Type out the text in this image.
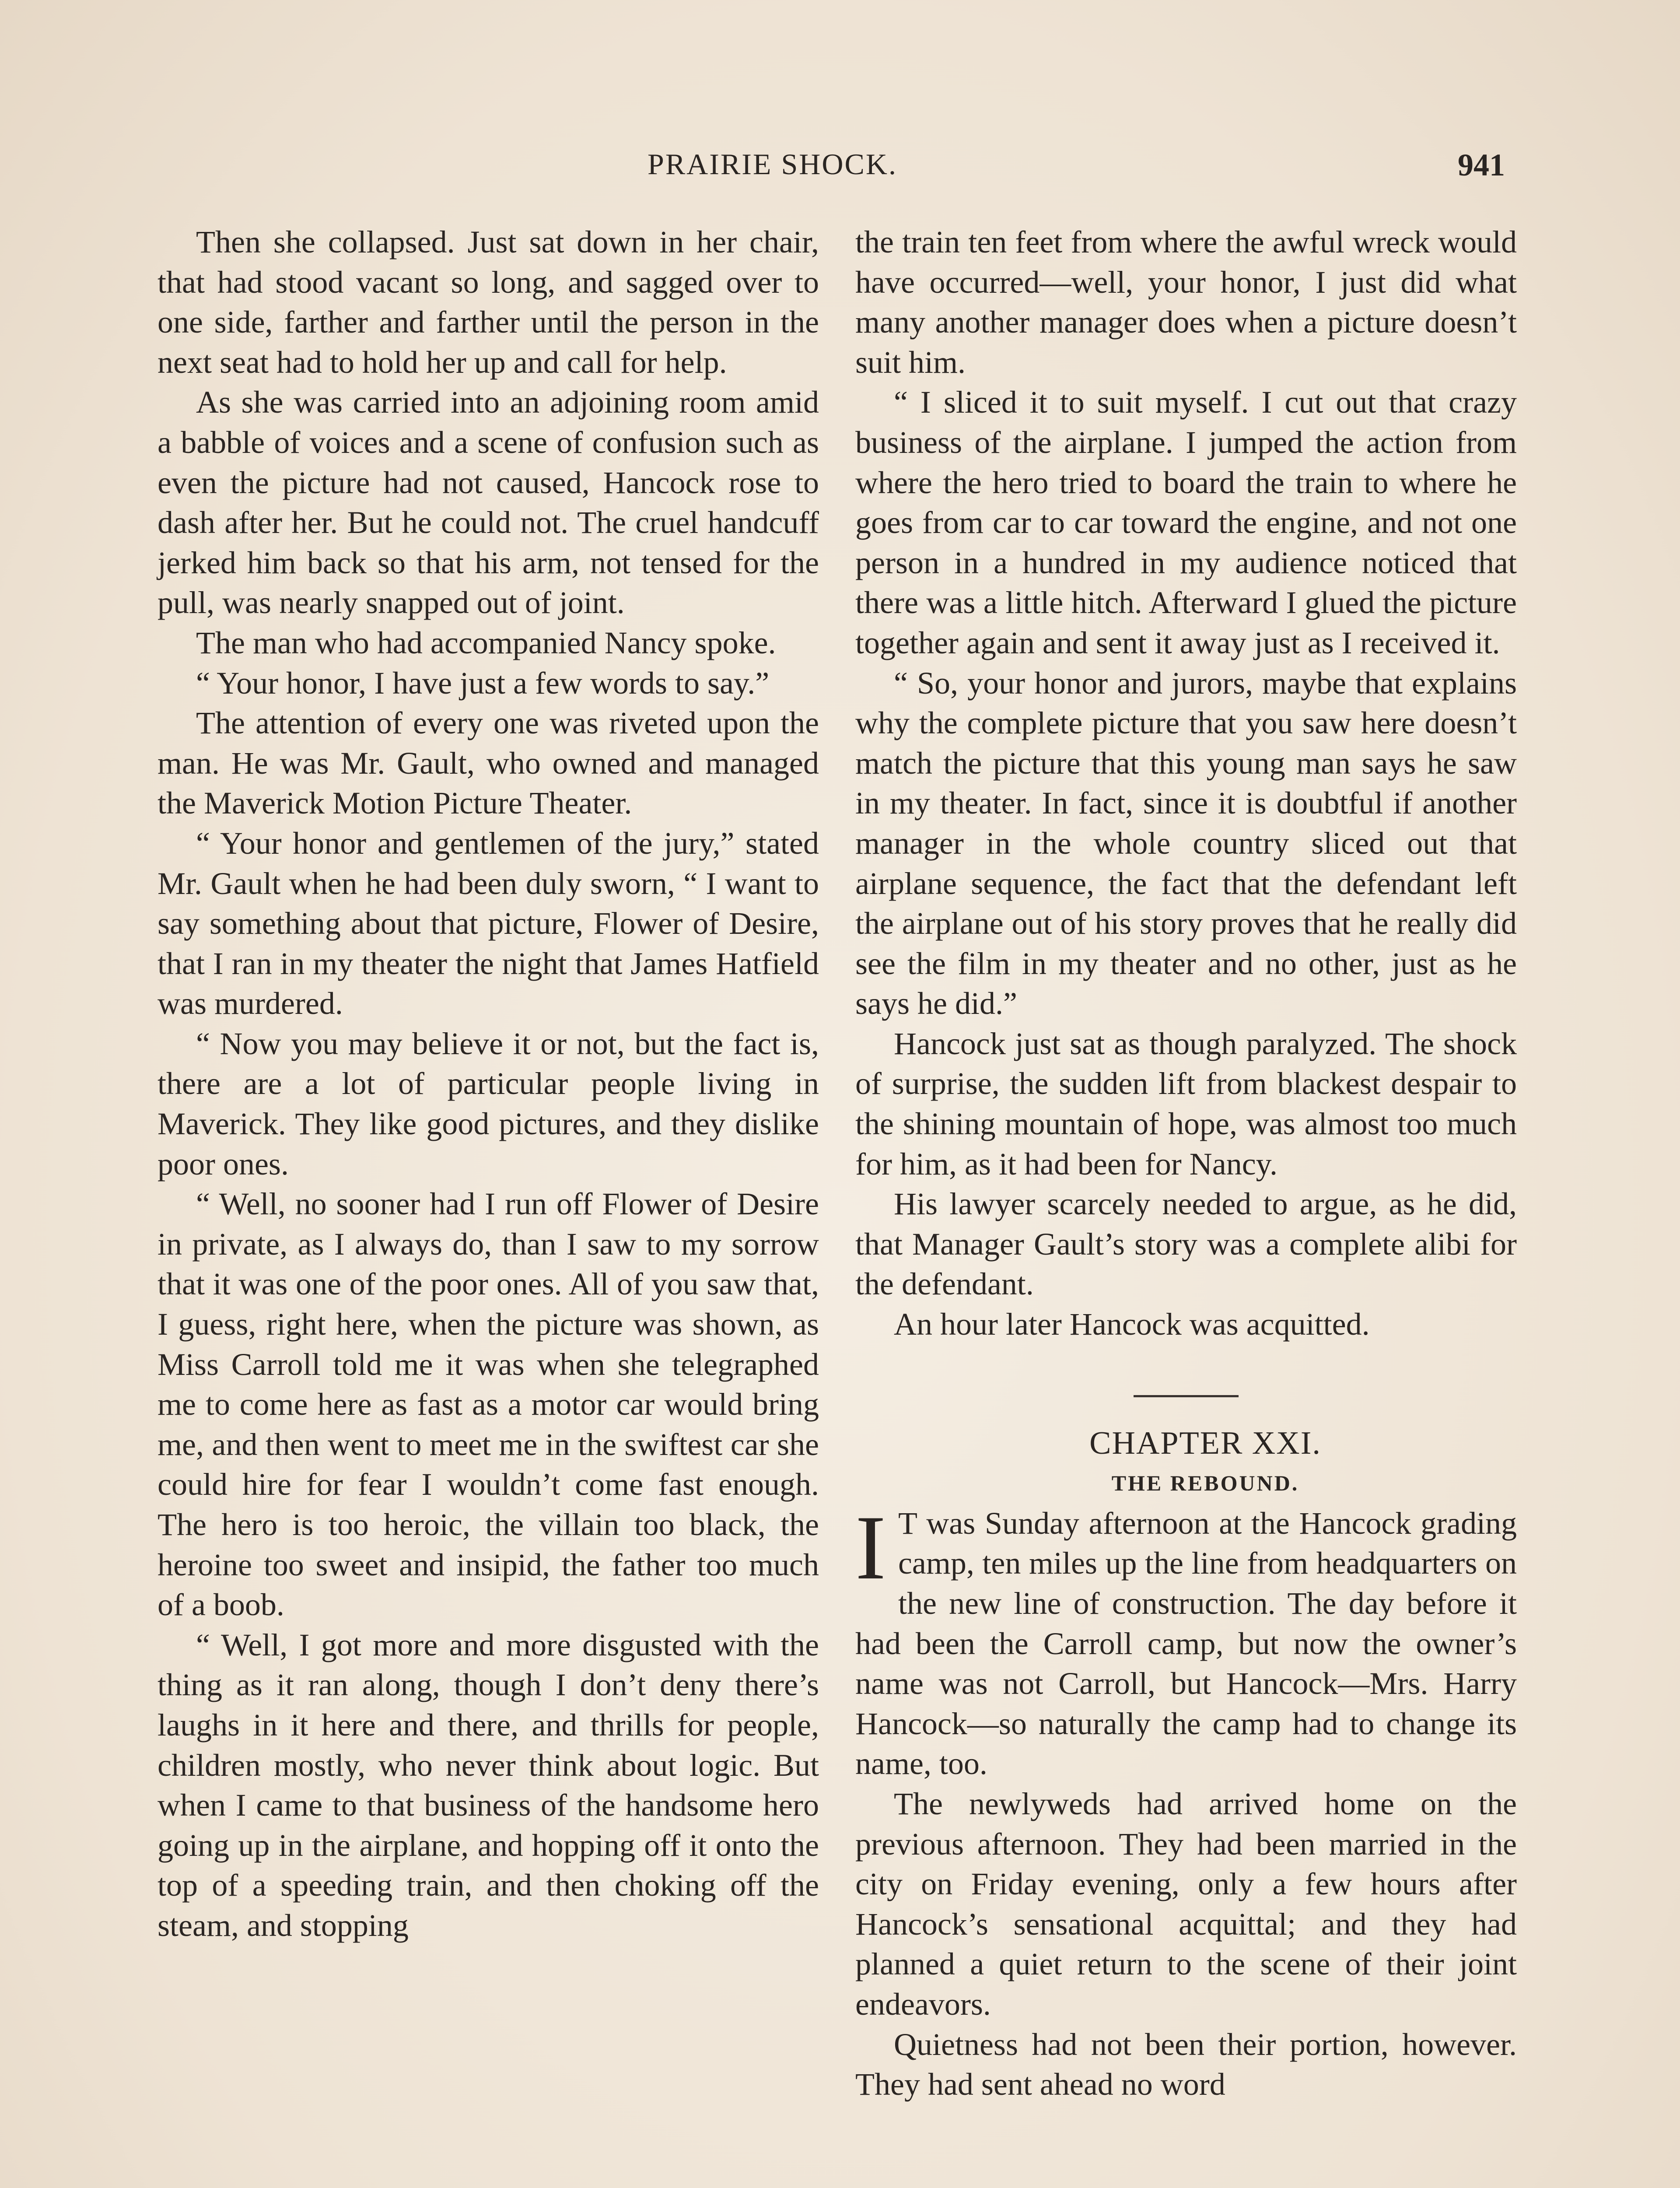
PRAIRIE SHOCK.	941

Then she collapsed. Just sat down in her chair, that had stood vacant so long, and sagged over to one side, farther and farther until the person in the next seat had to hold her up and call for help.

As she was carried into an adjoining room amid a babble of voices and a scene of confusion such as even the picture had not caused, Hancock rose to dash after her. But he could not. The cruel handcuff jerked him back so that his arm, not tensed for the pull, was nearly snapped out of joint.

The man who had accompanied Nancy spoke.

“ Your honor, I have just a few words to say.”

The attention of every one was riveted upon the man. He was Mr. Gault, who owned and managed the Maverick Motion Picture Theater.

“ Your honor and gentlemen of the jury,” stated Mr. Gault when he had been duly sworn, “ I want to say something about that picture, Flower of Desire, that I ran in my theater the night that James Hatfield was murdered.

“ Now you may believe it or not, but the fact is, there are a lot of particular people living in Maverick. They like good pictures, and they dislike poor ones.

“ Well, no sooner had I run off Flower of Desire in private, as I always do, than I saw to my sorrow that it was one of the poor ones. All of you saw that, I guess, right here, when the picture was shown, as Miss Carroll told me it was when she telegraphed me to come here as fast as a motor car would bring me, and then went to meet me in the swiftest car she could hire for fear I wouldn’t come fast enough. The hero is too heroic, the villain too black, the heroine too sweet and insipid, the father too much of a boob.

“ Well, I got more and more disgusted with the thing as it ran along, though I don’t deny there’s laughs in it here and there, and thrills for people, children mostly, who never think about logic. But when I came to that business of the handsome hero going up in the airplane, and hopping off it onto the top of a speeding train, and then choking off the steam, and stopping

the train ten feet from where the awful wreck would have occurred—well, your honor, I just did what many another manager does when a picture doesn’t suit him.

“ I sliced it to suit myself. I cut out that crazy business of the airplane. I jumped the action from where the hero tried to board the train to where he goes from car to car toward the engine, and not one person in a hundred in my audience noticed that there was a little hitch. Afterward I glued the picture together again and sent it away just as I received it.

“ So, your honor and jurors, maybe that explains why the complete picture that you saw here doesn’t match the picture that this young man says he saw in my theater. In fact, since it is doubtful if another manager in the whole country sliced out that airplane sequence, the fact that the defendant left the airplane out of his story proves that he really did see the film in my theater and no other, just as he says he did.”

Hancock just sat as though paralyzed. The shock of surprise, the sudden lift from blackest despair to the shining mountain of hope, was almost too much for him, as it had been for Nancy.

His lawyer scarcely needed to argue, as he did, that Manager Gault’s story was a complete alibi for the defendant.

An hour later Hancock was acquitted.

CHAPTER XXI.

THE REBOUND.

I T was Sunday afternoon at the Hancock grading camp, ten miles up the line from headquarters on the new line of construction. The day before it had been the Carroll camp, but now the owner’s name was not Carroll, but Hancock—Mrs. Harry Hancock—so naturally the camp had to change its name, too.

The newlyweds had arrived home on the previous afternoon. They had been married in the city on Friday evening, only a few hours after Hancock’s sensational acquittal; and they had planned a quiet return to the scene of their joint endeavors.

Quietness had not been their portion, however. They had sent ahead no word
